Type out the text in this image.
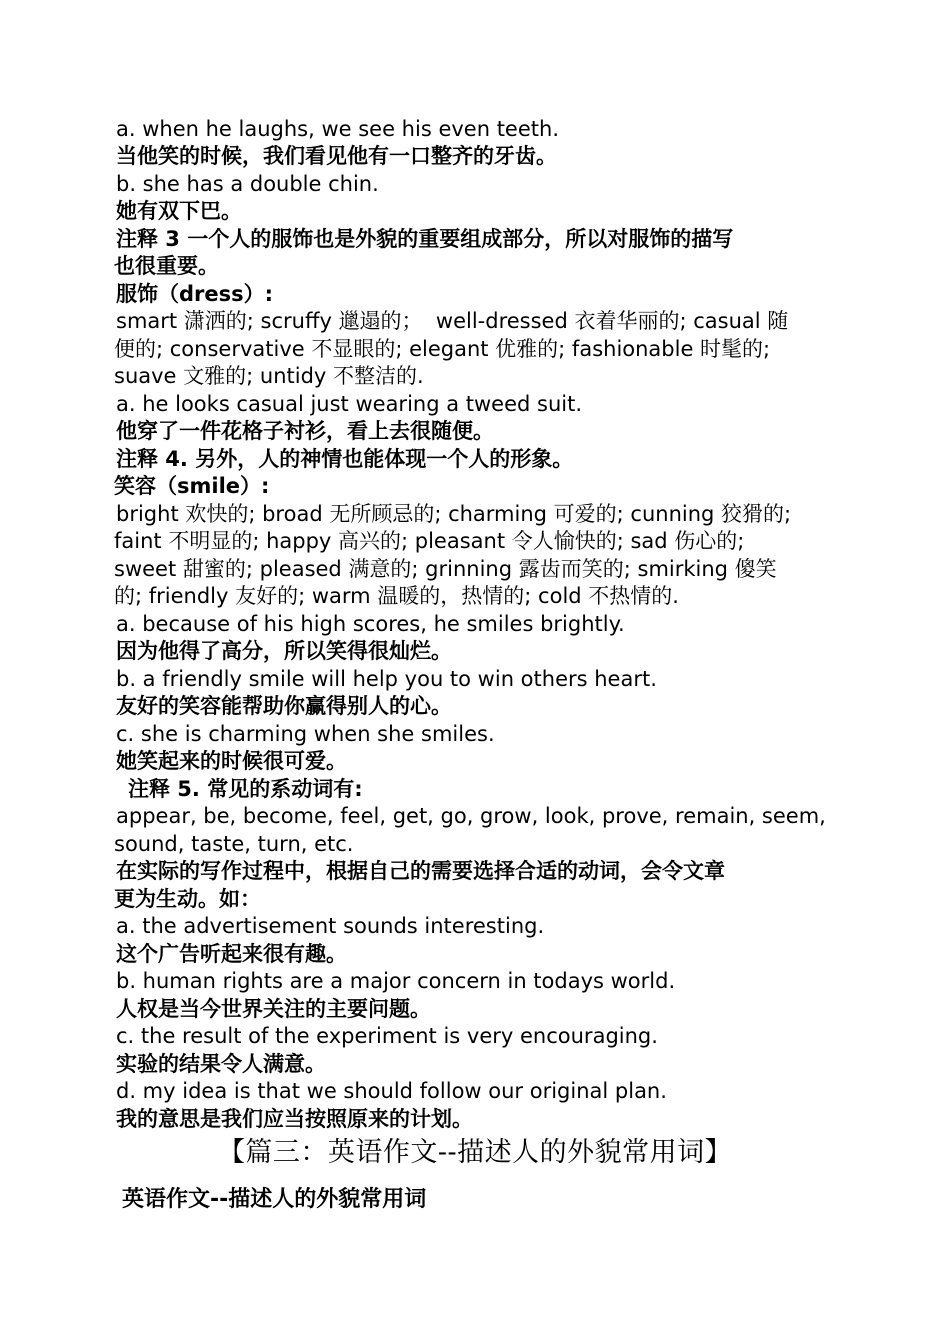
a. when he laughs, we see his even teeth.
当他笑的时候，我们看见他有一口整齐的牙齿。
b. she has a double chin.
她有双下巴。
注释 3 一个人的服饰也是外貌的重要组成部分，所以对服饰的描写
也很重要。
服饰（dress）:
smart 潇洒的; scruffy 邋遢的；  well-dressed 衣着华丽的; casual 随
便的; conservative 不显眼的; elegant 优雅的; fashionable 时髦的;
suave 文雅的; untidy 不整洁的.
a. he looks casual just wearing a tweed suit.
他穿了一件花格子衬衫，看上去很随便。
注释 4. 另外，人的神情也能体现一个人的形象。
笑容（smile）:
bright 欢快的; broad 无所顾忌的; charming 可爱的; cunning 狡猾的;
faint 不明显的; happy 高兴的; pleasant 令人愉快的; sad 伤心的;
sweet 甜蜜的; pleased 满意的; grinning 露齿而笑的; smirking 傻笑
的; friendly 友好的; warm 温暖的，热情的; cold 不热情的.
a. because of his high scores, he smiles brightly.
因为他得了高分，所以笑得很灿烂。
b. a friendly smile will help you to win others heart.
友好的笑容能帮助你赢得别人的心。
c. she is charming when she smiles.
她笑起来的时候很可爱。
注释 5. 常见的系动词有:
appear, be, become, feel, get, go, grow, look, prove, remain, seem,
sound, taste, turn, etc.
在实际的写作过程中，根据自己的需要选择合适的动词，会令文章
更为生动。如：
a. the advertisement sounds interesting.
这个广告听起来很有趣。
b. human rights are a major concern in todays world.
人权是当今世界关注的主要问题。
c. the result of the experiment is very encouraging.
实验的结果令人满意。
d. my idea is that we should follow our original plan.
我的意思是我们应当按照原来的计划。
【篇三：英语作文--描述人的外貌常用词】
英语作文--描述人的外貌常用词
